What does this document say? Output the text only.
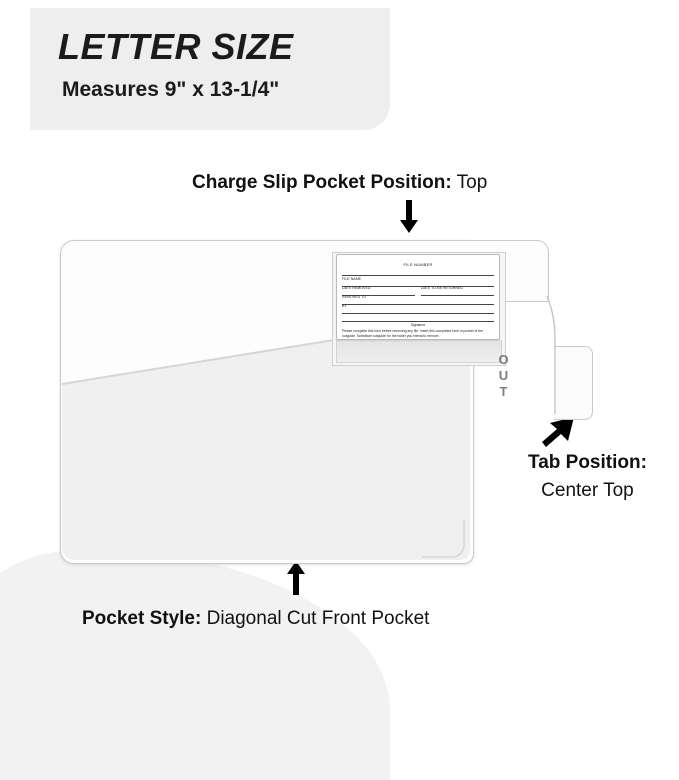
LETTER SIZE
Measures 9" x 13-1/4"
Charge Slip Pocket Position: Top
FILE NUMBER
FILE NAME
DATE REMOVED	DATE TO BE RETURNED
REMOVED TO
BY
Signature
Please complete this form before removing any file. Insert this completed form in pocket of the outguide. Substitute outguide for the folder you intend to remove.
OUT
Tab Position:
Center Top
Pocket Style: Diagonal Cut Front Pocket
